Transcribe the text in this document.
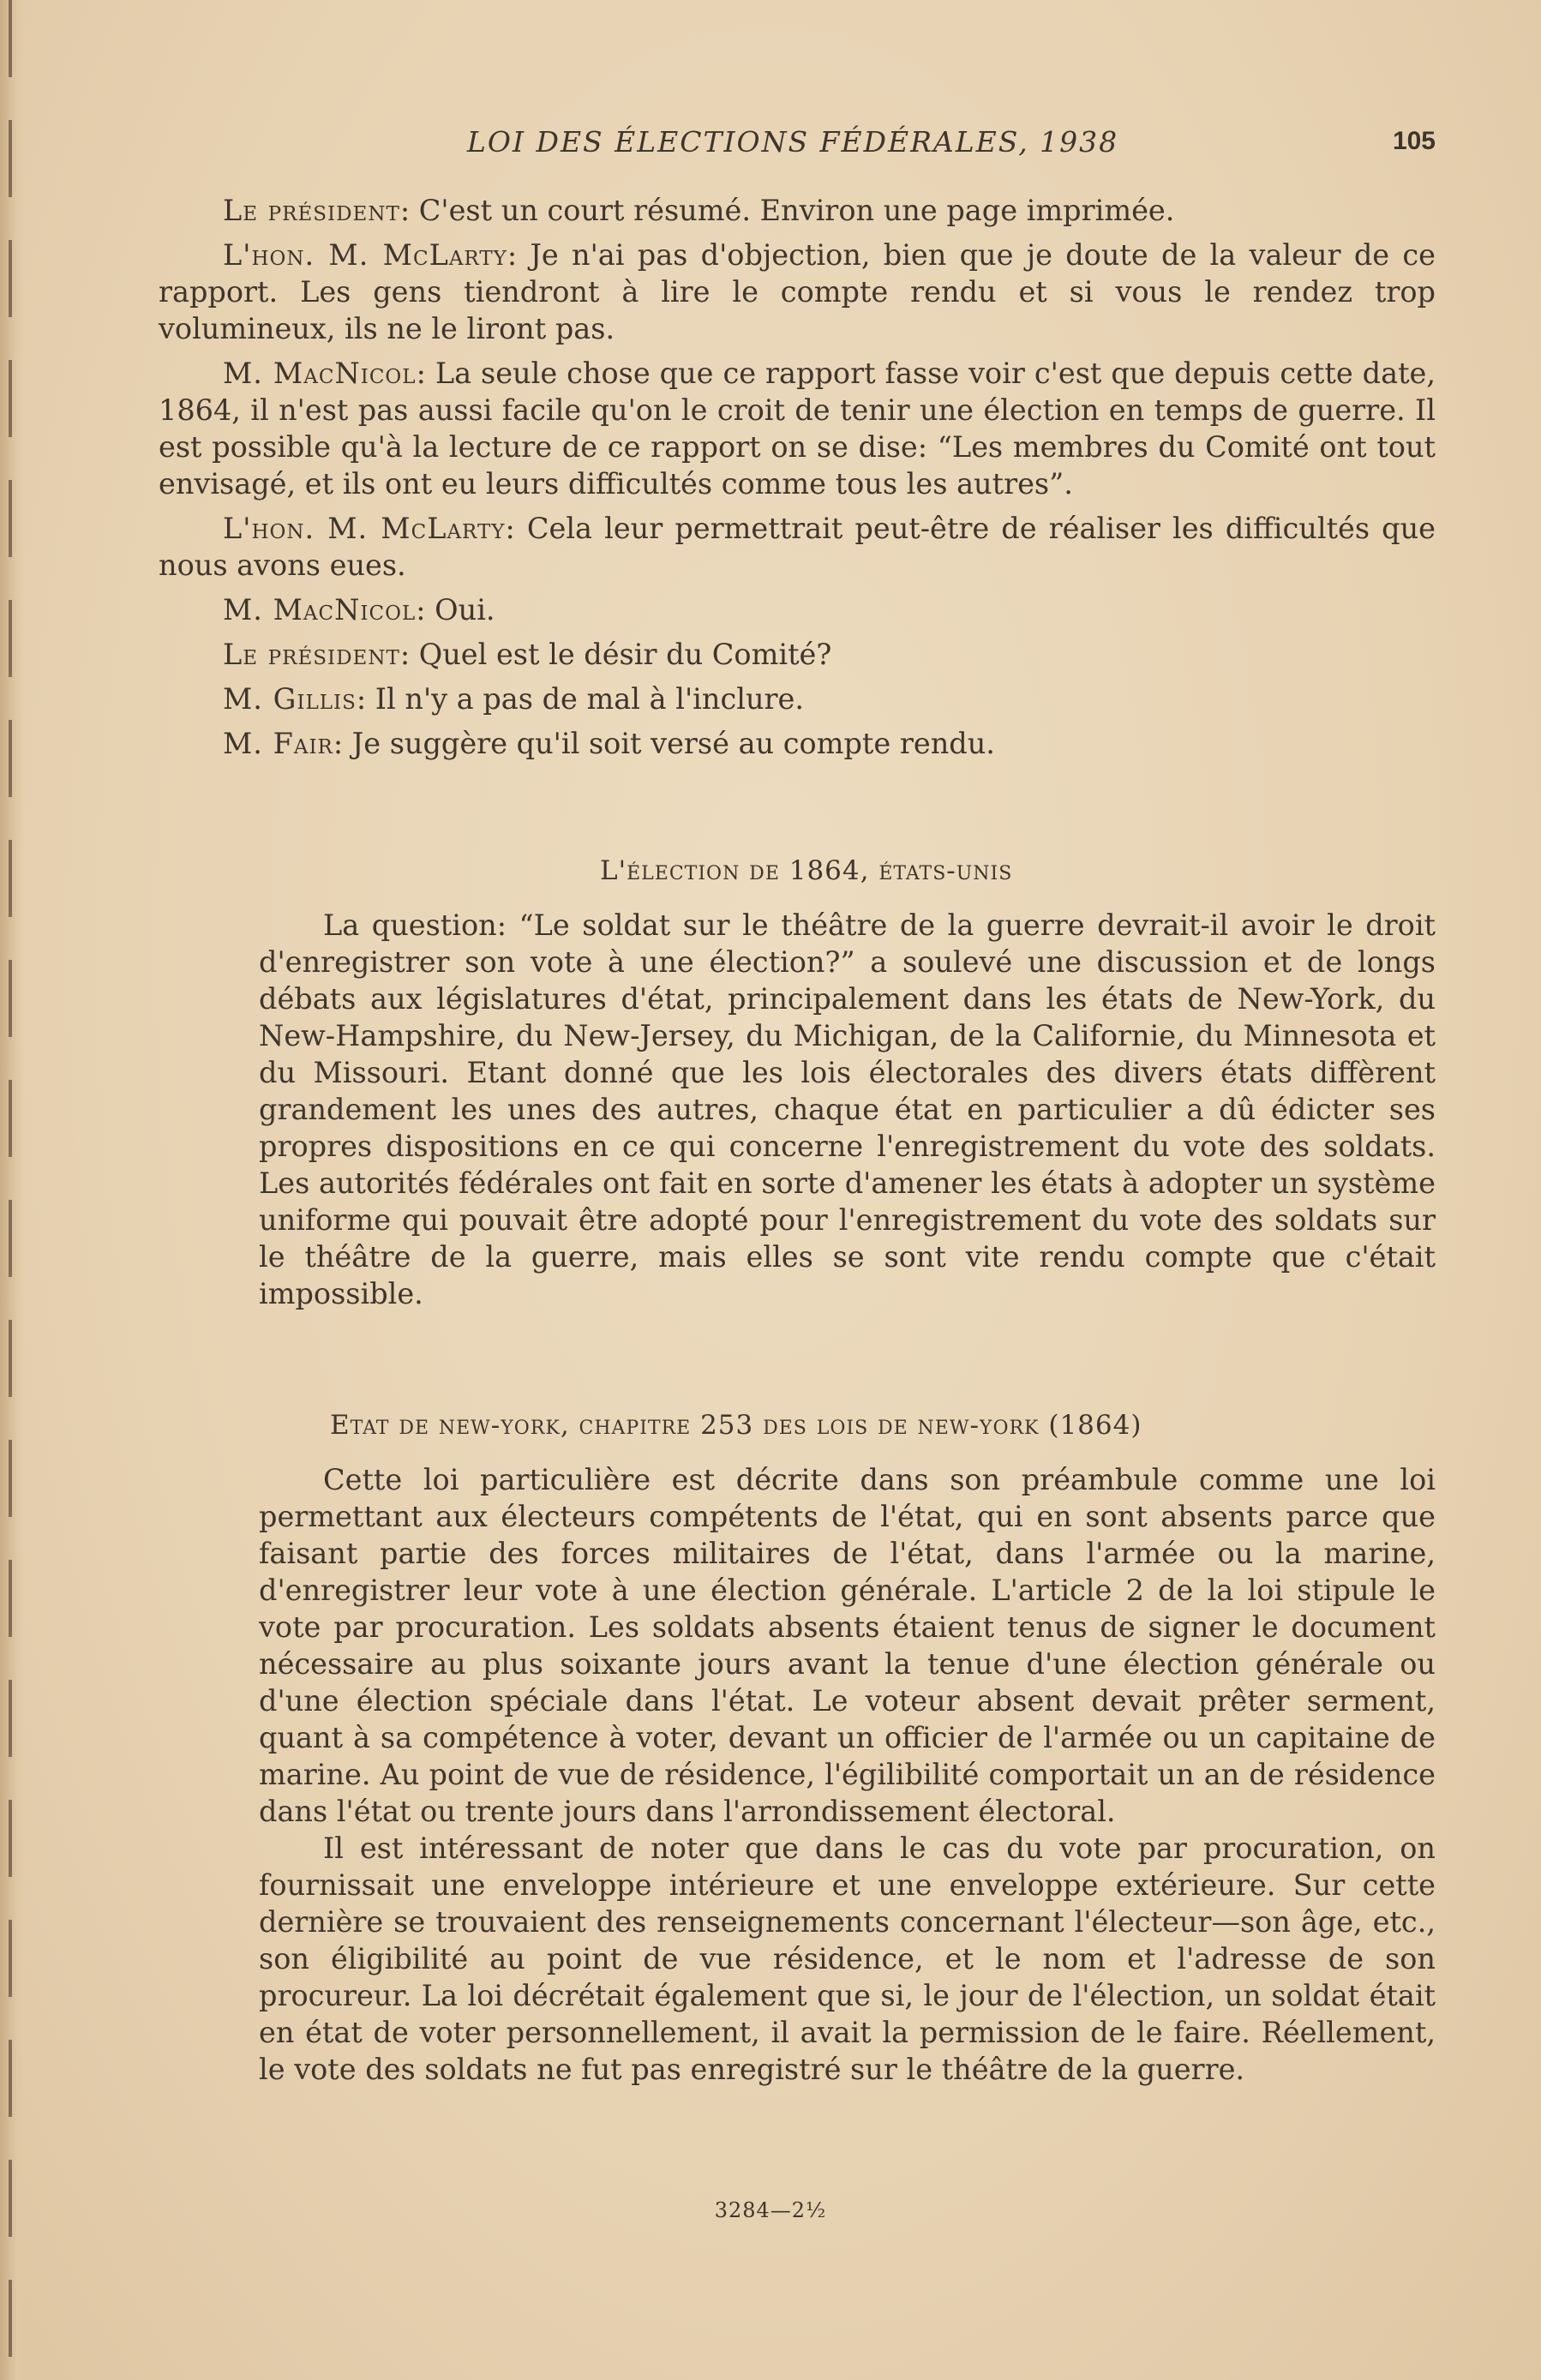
LOI DES ÉLECTIONS FÉDÉRALES, 1938	105

Le président: C'est un court résumé. Environ une page imprimée.

L'hon. M. McLarty: Je n'ai pas d'objection, bien que je doute de la valeur de ce rapport. Les gens tiendront à lire le compte rendu et si vous le rendez trop volumineux, ils ne le liront pas.

M. MacNicol: La seule chose que ce rapport fasse voir c'est que depuis cette date, 1864, il n'est pas aussi facile qu'on le croit de tenir une élection en temps de guerre. Il est possible qu'à la lecture de ce rapport on se dise: “Les membres du Comité ont tout envisagé, et ils ont eu leurs difficultés comme tous les autres”.

L'hon. M. McLarty: Cela leur permettrait peut-être de réaliser les difficultés que nous avons eues.

M. MacNicol: Oui.

Le président: Quel est le désir du Comité?

M. Gillis: Il n'y a pas de mal à l'inclure.

M. Fair: Je suggère qu'il soit versé au compte rendu.

L'élection de 1864, états-unis

La question: “Le soldat sur le théâtre de la guerre devrait-il avoir le droit d'enregistrer son vote à une élection?” a soulevé une discussion et de longs débats aux législatures d'état, principalement dans les états de New-York, du New-Hampshire, du New-Jersey, du Michigan, de la Californie, du Minnesota et du Missouri. Etant donné que les lois électorales des divers états diffèrent grandement les unes des autres, chaque état en particulier a dû édicter ses propres dispositions en ce qui concerne l'enregistrement du vote des soldats. Les autorités fédérales ont fait en sorte d'amener les états à adopter un système uniforme qui pouvait être adopté pour l'enregistrement du vote des soldats sur le théâtre de la guerre, mais elles se sont vite rendu compte que c'était impossible.

Etat de new-york, chapitre 253 des lois de new-york (1864)

Cette loi particulière est décrite dans son préambule comme une loi permettant aux électeurs compétents de l'état, qui en sont absents parce que faisant partie des forces militaires de l'état, dans l'armée ou la marine, d'enregistrer leur vote à une élection générale. L'article 2 de la loi stipule le vote par procuration. Les soldats absents étaient tenus de signer le document nécessaire au plus soixante jours avant la tenue d'une élection générale ou d'une élection spéciale dans l'état. Le voteur absent devait prêter serment, quant à sa compétence à voter, devant un officier de l'armée ou un capitaine de marine. Au point de vue de résidence, l'égilibilité comportait un an de résidence dans l'état ou trente jours dans l'arrondissement électoral.

Il est intéressant de noter que dans le cas du vote par procuration, on fournissait une enveloppe intérieure et une enveloppe extérieure. Sur cette dernière se trouvaient des renseignements concernant l'électeur—son âge, etc., son éligibilité au point de vue résidence, et le nom et l'adresse de son procureur. La loi décrétait également que si, le jour de l'élection, un soldat était en état de voter personnellement, il avait la permission de le faire. Réellement, le vote des soldats ne fut pas enregistré sur le théâtre de la guerre.

3284—2½
